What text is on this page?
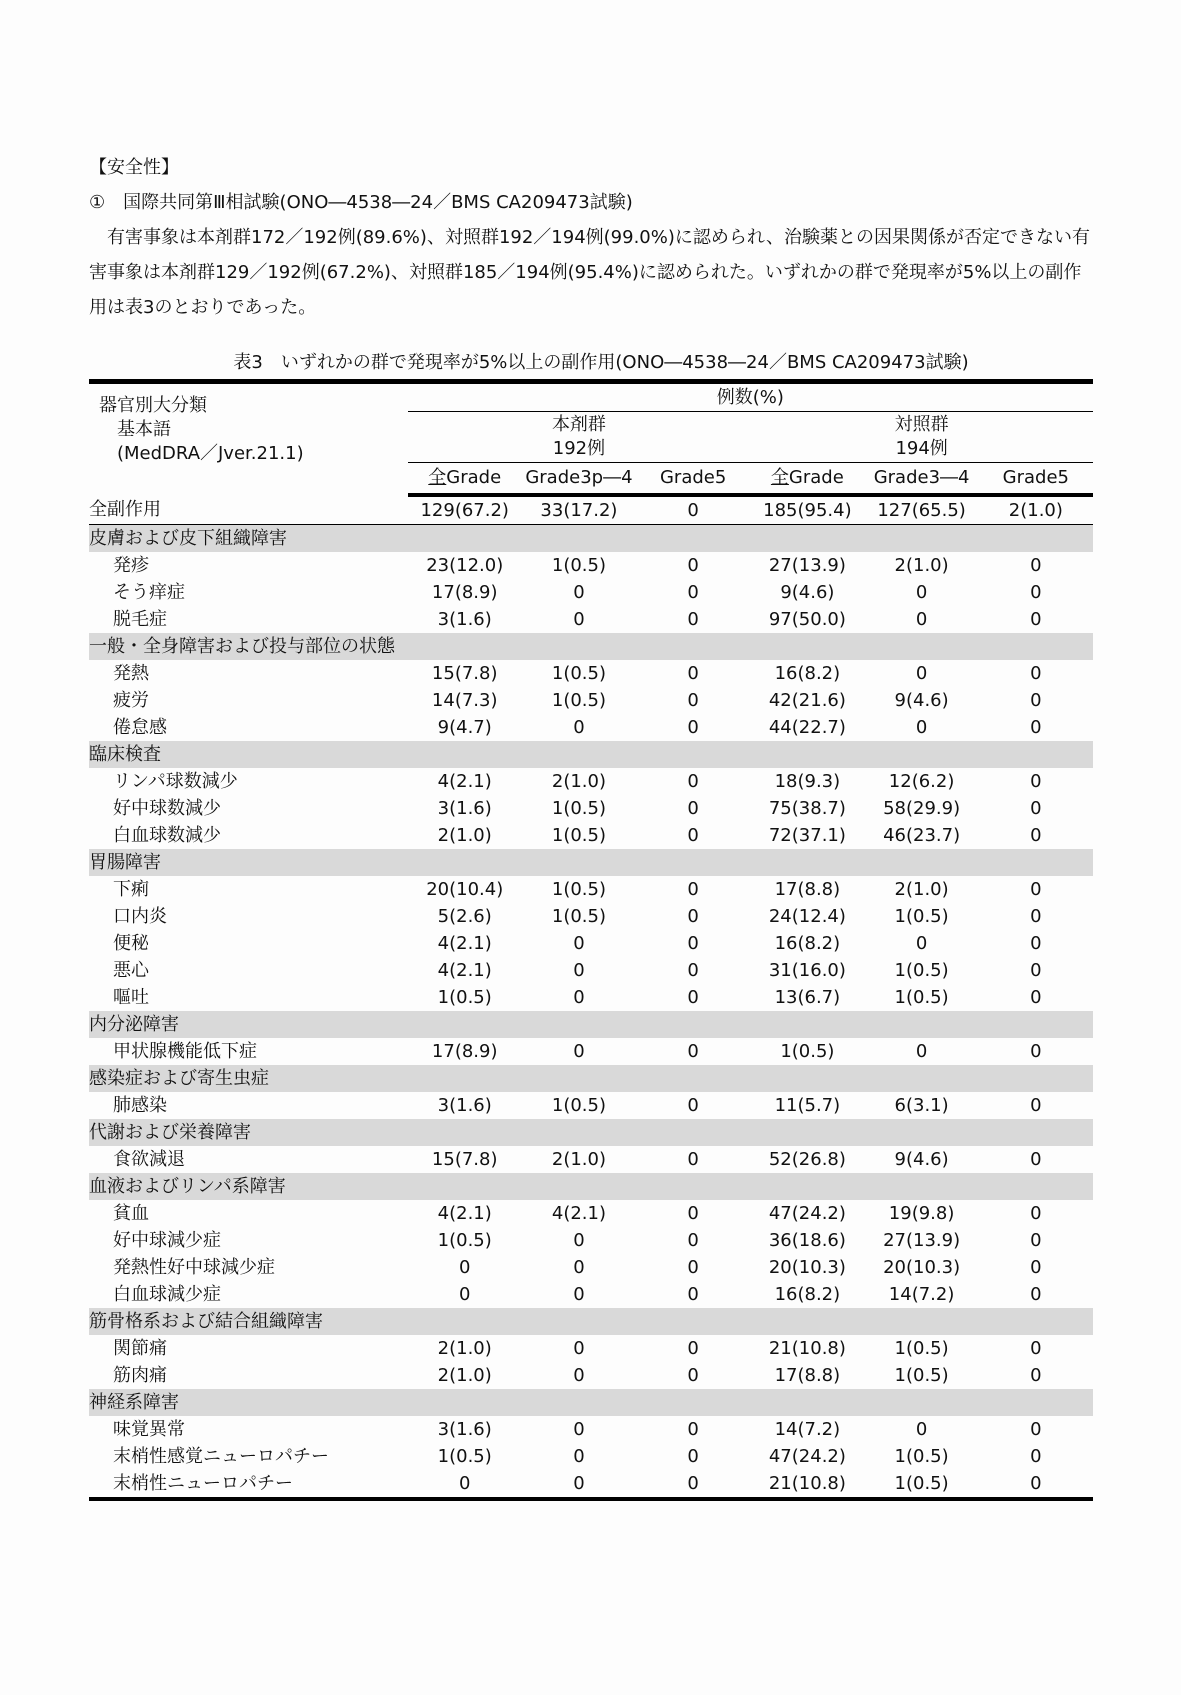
【安全性】
①　国際共同第Ⅲ相試験(ONO―4538―24／BMS CA209473試験)
有害事象は本剤群172／192例(89.6%)、対照群192／194例(99.0%)に認められ、治験薬との因果関係が否定できない有害事象は本剤群129／192例(67.2%)、対照群185／194例(95.4%)に認められた。いずれかの群で発現率が5%以上の副作用は表3のとおりであった。
表3　いずれかの群で発現率が5%以上の副作用(ONO―4538―24／BMS CA209473試験)
器官別大分類
基本語
(MedDRA／Jver.21.1)	例数(%)					

本剤群
192例

対照群
194例

	全Grade	Grade3p―4	Grade5	全Grade	Grade3―4	Grade5
全副作用	129(67.2)	33(17.2)	0	185(95.4)	127(65.5)	2(1.0)
皮膚および皮下組織障害						
発疹	23(12.0)	1(0.5)	0	27(13.9)	2(1.0)	0
そう痒症	17(8.9)	0	0	9(4.6)	0	0
脱毛症	3(1.6)	0	0	97(50.0)	0	0
一般・全身障害および投与部位の状態						
発熱	15(7.8)	1(0.5)	0	16(8.2)	0	0
疲労	14(7.3)	1(0.5)	0	42(21.6)	9(4.6)	0
倦怠感	9(4.7)	0	0	44(22.7)	0	0
臨床検査						
リンパ球数減少	4(2.1)	2(1.0)	0	18(9.3)	12(6.2)	0
好中球数減少	3(1.6)	1(0.5)	0	75(38.7)	58(29.9)	0
白血球数減少	2(1.0)	1(0.5)	0	72(37.1)	46(23.7)	0
胃腸障害						
下痢	20(10.4)	1(0.5)	0	17(8.8)	2(1.0)	0
口内炎	5(2.6)	1(0.5)	0	24(12.4)	1(0.5)	0
便秘	4(2.1)	0	0	16(8.2)	0	0
悪心	4(2.1)	0	0	31(16.0)	1(0.5)	0
嘔吐	1(0.5)	0	0	13(6.7)	1(0.5)	0
内分泌障害						
甲状腺機能低下症	17(8.9)	0	0	1(0.5)	0	0
感染症および寄生虫症						
肺感染	3(1.6)	1(0.5)	0	11(5.7)	6(3.1)	0
代謝および栄養障害						
食欲減退	15(7.8)	2(1.0)	0	52(26.8)	9(4.6)	0
血液およびリンパ系障害						
貧血	4(2.1)	4(2.1)	0	47(24.2)	19(9.8)	0
好中球減少症	1(0.5)	0	0	36(18.6)	27(13.9)	0
発熱性好中球減少症	0	0	0	20(10.3)	20(10.3)	0
白血球減少症	0	0	0	16(8.2)	14(7.2)	0
筋骨格系および結合組織障害						
関節痛	2(1.0)	0	0	21(10.8)	1(0.5)	0
筋肉痛	2(1.0)	0	0	17(8.8)	1(0.5)	0
神経系障害						
味覚異常	3(1.6)	0	0	14(7.2)	0	0
末梢性感覚ニューロパチー	1(0.5)	0	0	47(24.2)	1(0.5)	0
末梢性ニューロパチー	0	0	0	21(10.8)	1(0.5)	0
